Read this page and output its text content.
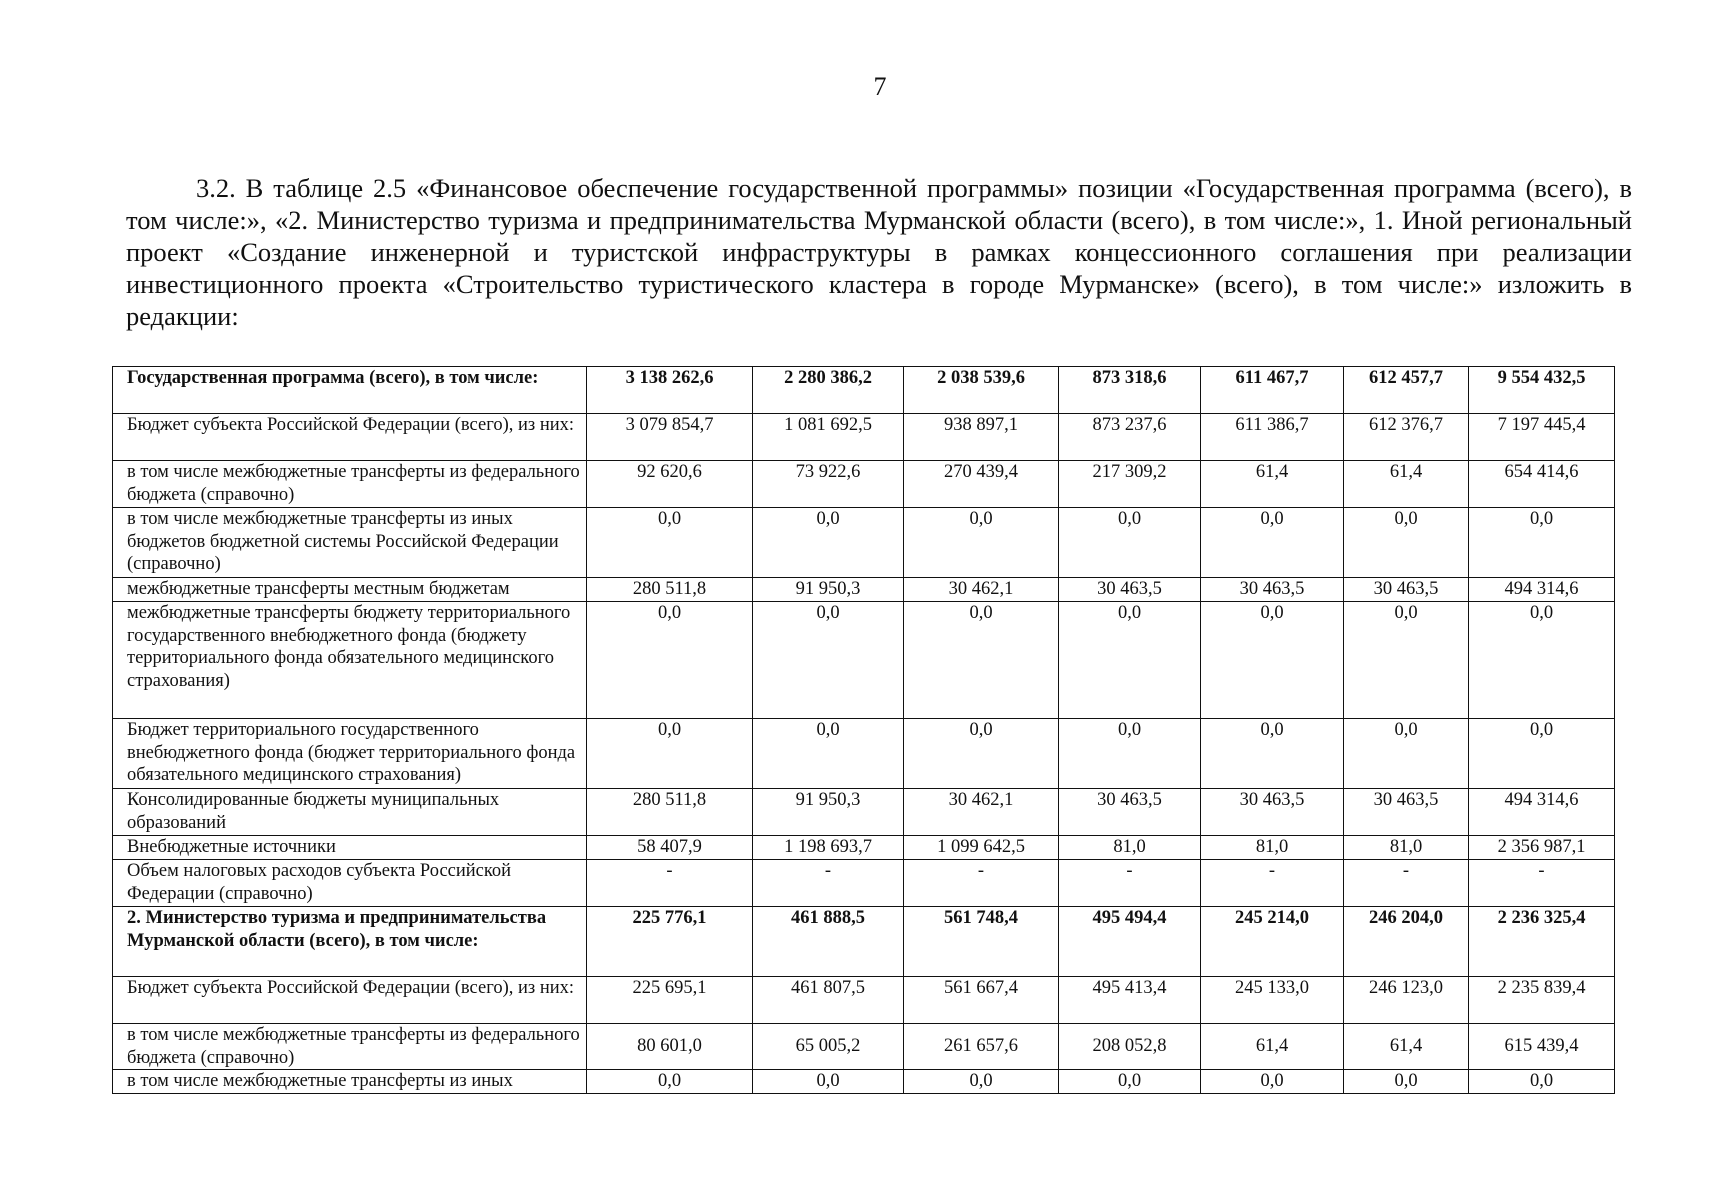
7

3.2. В таблице 2.5 «Финансовое обеспечение государственной программы» позиции «Государственная программа (всего), в том числе:», «2. Министерство туризма и предпринимательства Мурманской области (всего), в том числе:», 1. Иной региональный проект «Создание инженерной и туристской инфраструктуры в рамках концессионного соглашения при реализации инвестиционного проекта «Строительство туристического кластера в городе Мурманске» (всего), в том числе:» изложить в редакции:

Государственная программа (всего), в том числе:	3 138 262,6	2 280 386,2	2 038 539,6	873 318,6	611 467,7	612 457,7	9 554 432,5
Бюджет субъекта Российской Федерации (всего), из них:	3 079 854,7	1 081 692,5	938 897,1	873 237,6	611 386,7	612 376,7	7 197 445,4
в том числе межбюджетные трансферты из федерального бюджета (справочно)	92 620,6	73 922,6	270 439,4	217 309,2	61,4	61,4	654 414,6
в том числе межбюджетные трансферты из иных бюджетов бюджетной системы Российской Федерации (справочно)	0,0	0,0	0,0	0,0	0,0	0,0	0,0
межбюджетные трансферты местным бюджетам	280 511,8	91 950,3	30 462,1	30 463,5	30 463,5	30 463,5	494 314,6
межбюджетные трансферты бюджету территориального государственного внебюджетного фонда (бюджету территориального фонда обязательного медицинского страхования)	0,0	0,0	0,0	0,0	0,0	0,0	0,0
Бюджет территориального государственного внебюджетного фонда (бюджет территориального фонда обязательного медицинского страхования)	0,0	0,0	0,0	0,0	0,0	0,0	0,0
Консолидированные бюджеты муниципальных образований	280 511,8	91 950,3	30 462,1	30 463,5	30 463,5	30 463,5	494 314,6
Внебюджетные источники	58 407,9	1 198 693,7	1 099 642,5	81,0	81,0	81,0	2 356 987,1
Объем налоговых расходов субъекта Российской Федерации (справочно)	-	-	-	-	-	-	-
2. Министерство туризма и предпринимательства Мурманской области (всего), в том числе:	225 776,1	461 888,5	561 748,4	495 494,4	245 214,0	246 204,0	2 236 325,4
Бюджет субъекта Российской Федерации (всего), из них:	225 695,1	461 807,5	561 667,4	495 413,4	245 133,0	246 123,0	2 235 839,4
в том числе межбюджетные трансферты из федерального бюджета (справочно)	80 601,0	65 005,2	261 657,6	208 052,8	61,4	61,4	615 439,4
в том числе межбюджетные трансферты из иных	0,0	0,0	0,0	0,0	0,0	0,0	0,0
